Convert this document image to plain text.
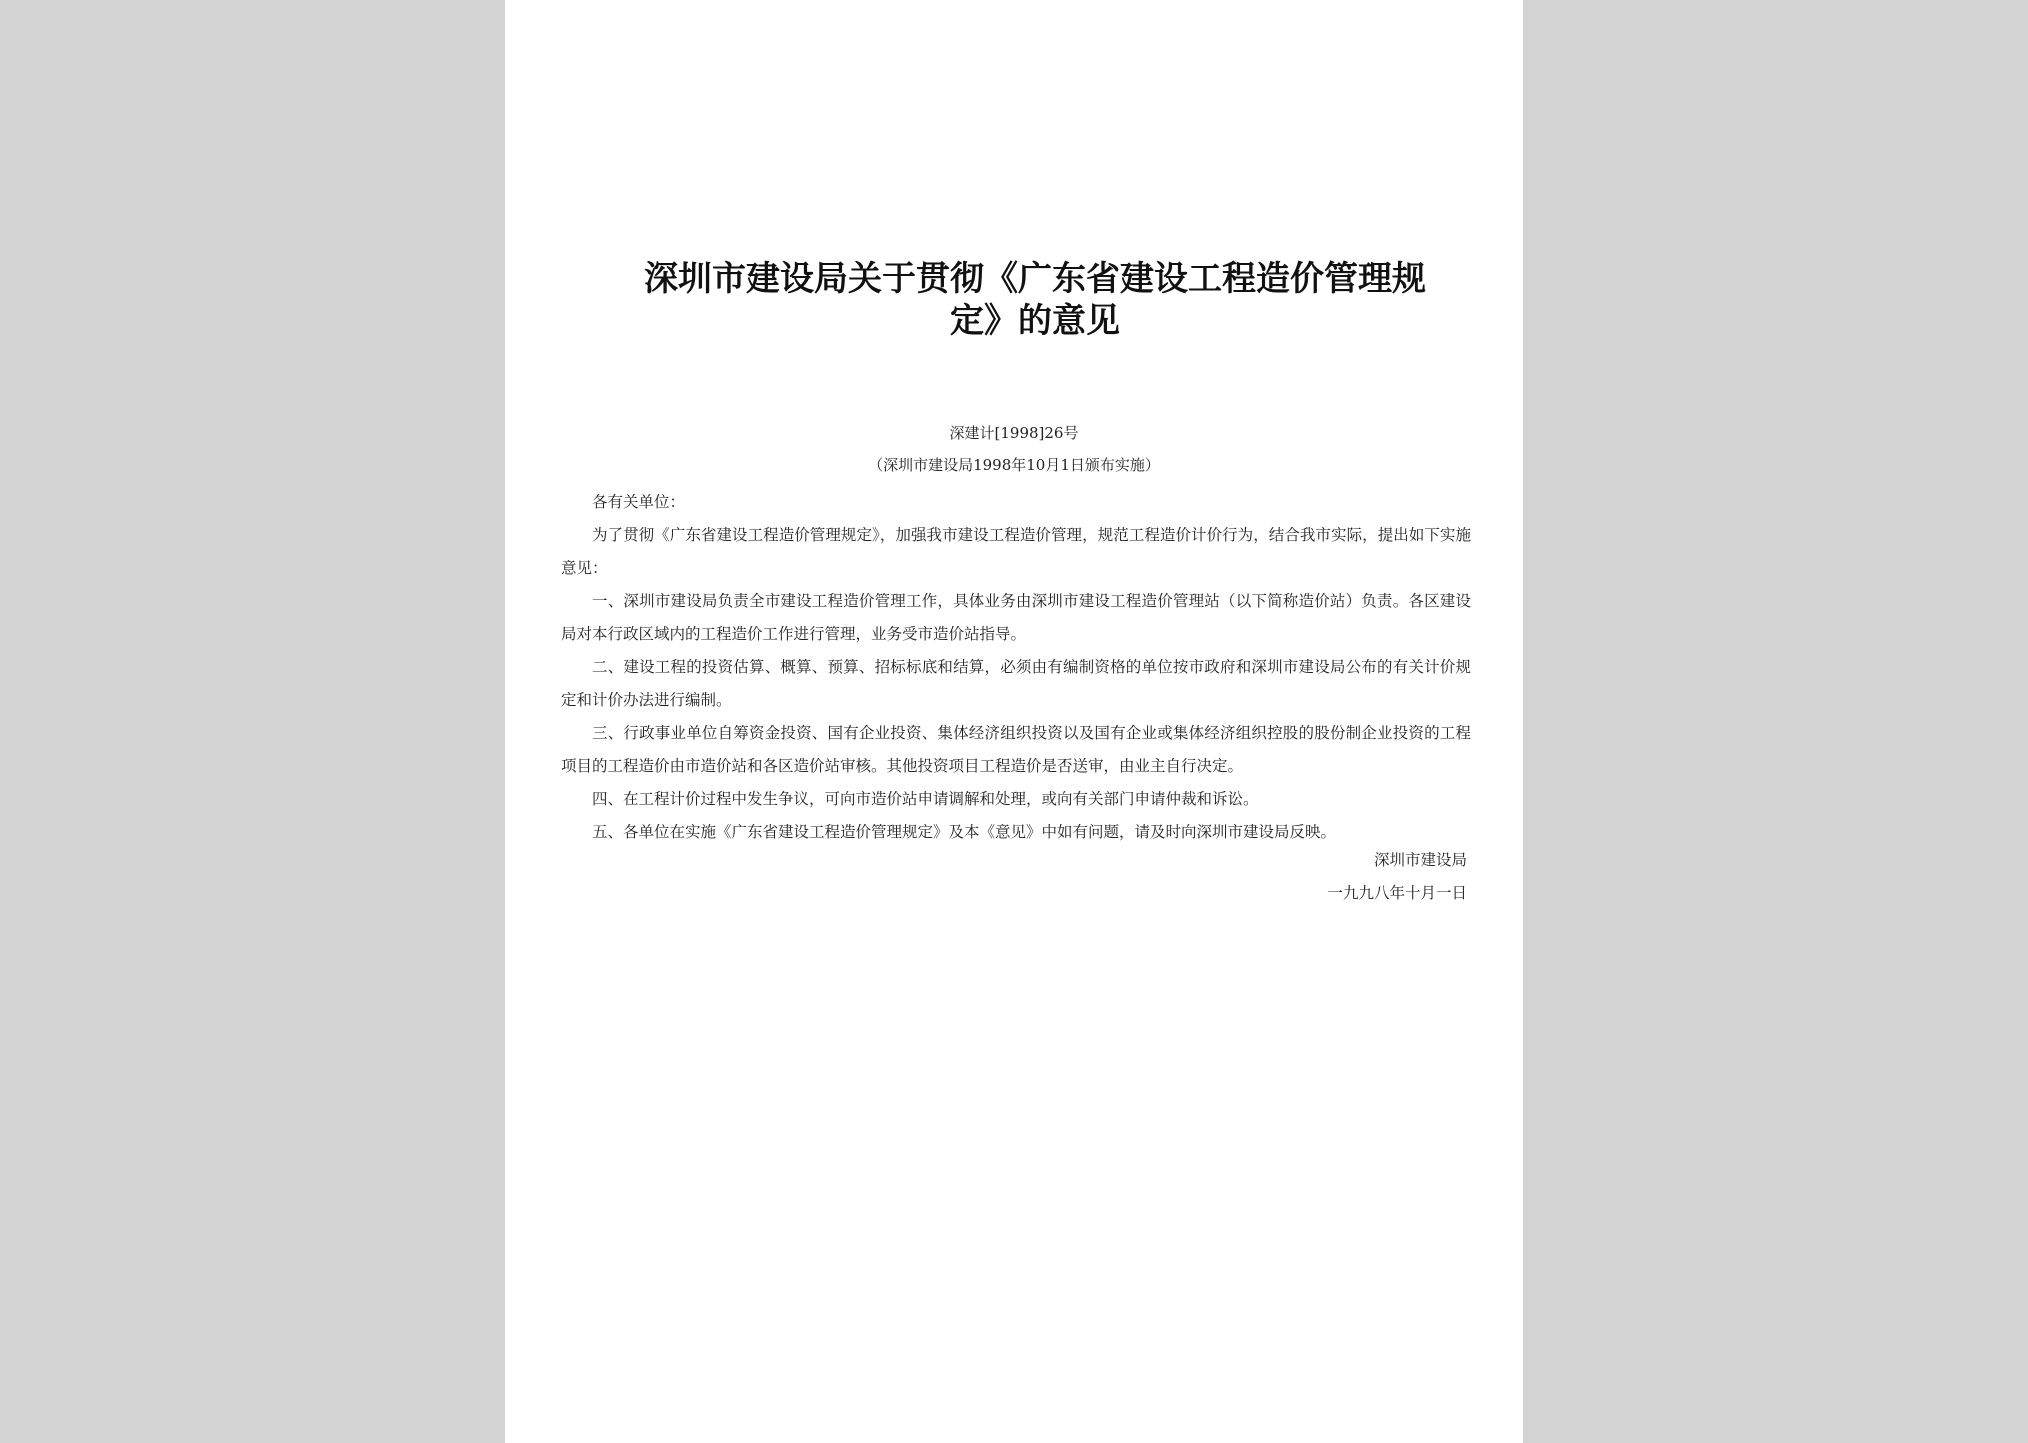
深圳市建设局关于贯彻《广东省建设工程造价管理规
定》的意见
深建计[1998]26号
（深圳市建设局1998年10月1日颁布实施）

各有关单位：

为了贯彻《广东省建设工程造价管理规定》，加强我市建设工程造价管理，规范工程造价计价行为，结合我市实际，提出如下实施意见：

一、深圳市建设局负责全市建设工程造价管理工作，具体业务由深圳市建设工程造价管理站（以下简称造价站）负责。各区建设局对本行政区域内的工程造价工作进行管理，业务受市造价站指导。

二、建设工程的投资估算、概算、预算、招标标底和结算，必须由有编制资格的单位按市政府和深圳市建设局公布的有关计价规定和计价办法进行编制。

三、行政事业单位自筹资金投资、国有企业投资、集体经济组织投资以及国有企业或集体经济组织控股的股份制企业投资的工程项目的工程造价由市造价站和各区造价站审核。其他投资项目工程造价是否送审，由业主自行决定。

四、在工程计价过程中发生争议，可向市造价站申请调解和处理，或向有关部门申请仲裁和诉讼。

五、各单位在实施《广东省建设工程造价管理规定》及本《意见》中如有问题，请及时向深圳市建设局反映。

深圳市建设局
一九九八年十月一日
